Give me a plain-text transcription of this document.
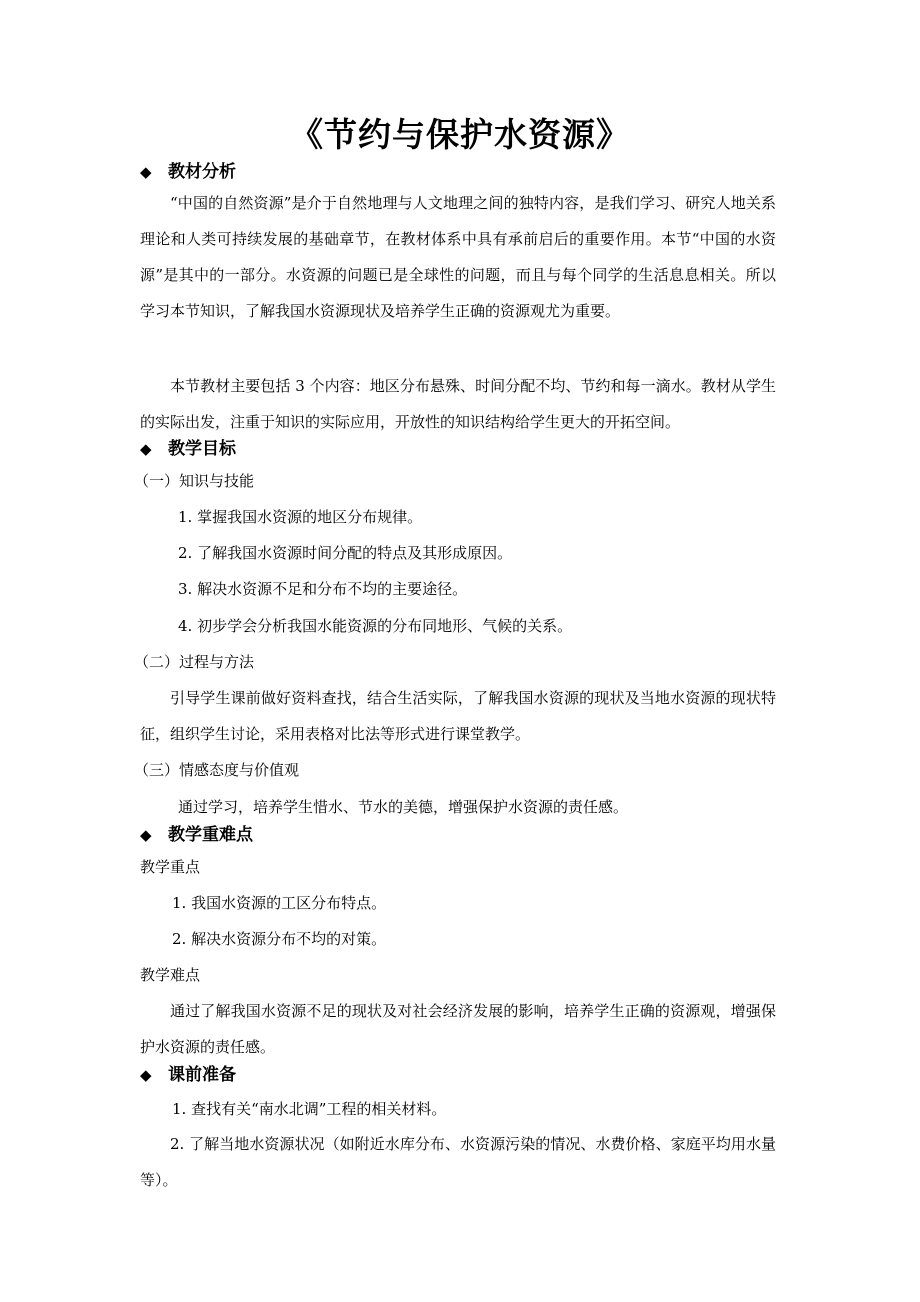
《节约与保护水资源》
◆ 教材分析
“中国的自然资源”是介于自然地理与人文地理之间的独特内容，是我们学习、研究人地关系理论和人类可持续发展的基础章节，在教材体系中具有承前启后的重要作用。本节“中国的水资源”是其中的一部分。水资源的问题已是全球性的问题，而且与每个同学的生活息息相关。所以学习本节知识，了解我国水资源现状及培养学生正确的资源观尤为重要。
本节教材主要包括 3 个内容：地区分布悬殊、时间分配不均、节约和每一滴水。教材从学生的实际出发，注重于知识的实际应用，开放性的知识结构给学生更大的开拓空间。
◆ 教学目标
（一）知识与技能
1. 掌握我国水资源的地区分布规律。
2. 了解我国水资源时间分配的特点及其形成原因。
3. 解决水资源不足和分布不均的主要途径。
4. 初步学会分析我国水能资源的分布同地形、气候的关系。
（二）过程与方法
引导学生课前做好资料查找，结合生活实际，了解我国水资源的现状及当地水资源的现状特征，组织学生讨论，采用表格对比法等形式进行课堂教学。
（三）情感态度与价值观
通过学习，培养学生惜水、节水的美德，增强保护水资源的责任感。
◆ 教学重难点
教学重点
1. 我国水资源的工区分布特点。
2. 解决水资源分布不均的对策。
教学难点
通过了解我国水资源不足的现状及对社会经济发展的影响，培养学生正确的资源观，增强保护水资源的责任感。
◆ 课前准备
1. 查找有关“南水北调”工程的相关材料。
2. 了解当地水资源状况（如附近水库分布、水资源污染的情况、水费价格、家庭平均用水量等）。
